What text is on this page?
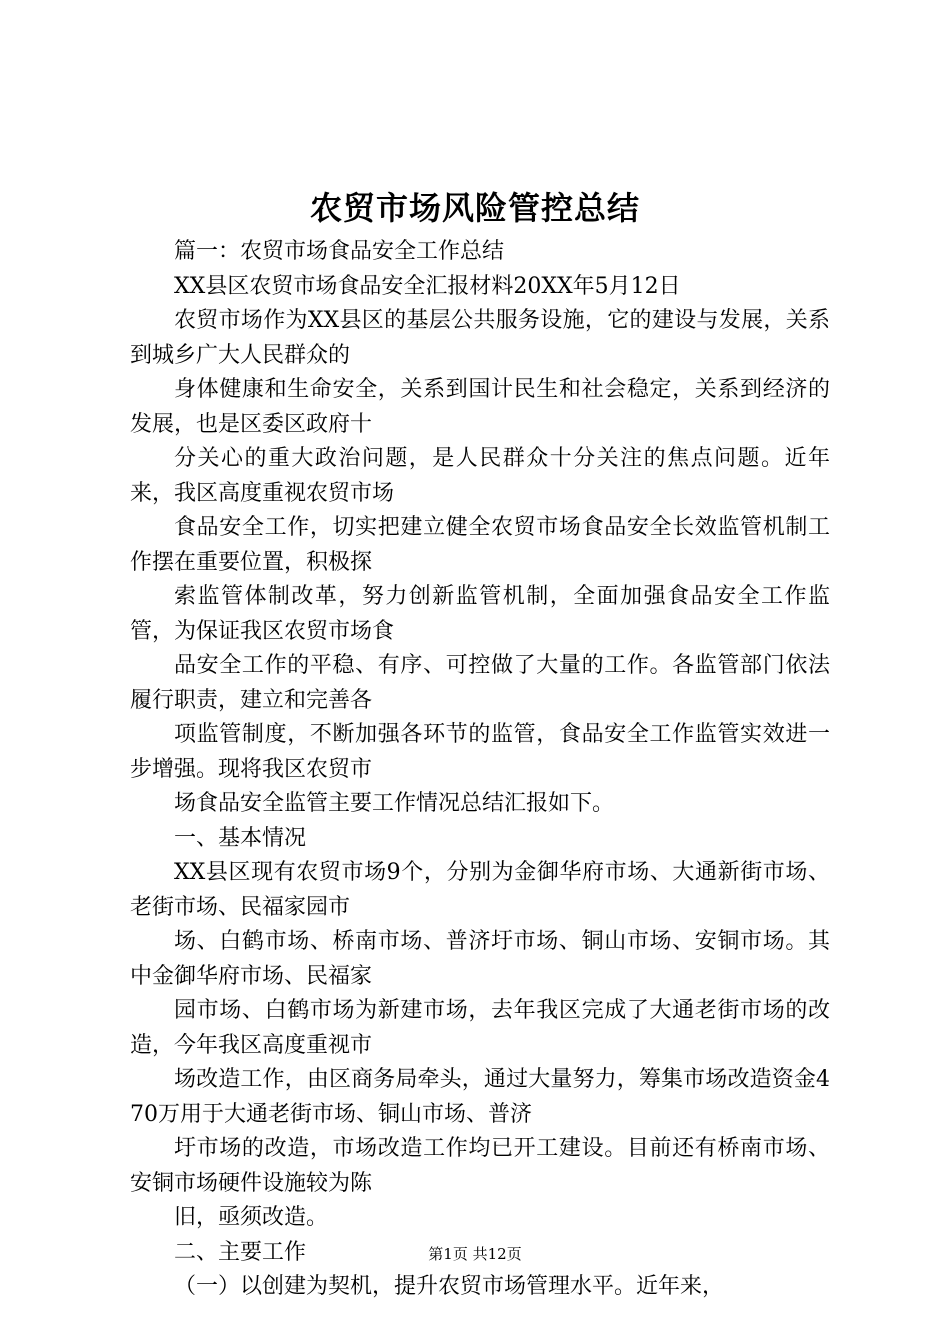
农贸市场风险管控总结

篇一：农贸市场食品安全工作总结

XX县区农贸市场食品安全汇报材料20XX年5月12日

农贸市场作为XX县区的基层公共服务设施，它的建设与发展，关系到城乡广大人民群众的

身体健康和生命安全，关系到国计民生和社会稳定，关系到经济的发展，也是区委区政府十

分关心的重大政治问题，是人民群众十分关注的焦点问题。近年来，我区高度重视农贸市场

食品安全工作，切实把建立健全农贸市场食品安全长效监管机制工作摆在重要位置，积极探

索监管体制改革，努力创新监管机制，全面加强食品安全工作监管，为保证我区农贸市场食

品安全工作的平稳、有序、可控做了大量的工作。各监管部门依法履行职责，建立和完善各

项监管制度，不断加强各环节的监管，食品安全工作监管实效进一步增强。现将我区农贸市

场食品安全监管主要工作情况总结汇报如下。

一、基本情况

XX县区现有农贸市场9个，分别为金御华府市场、大通新街市场、老街市场、民福家园市

场、白鹤市场、桥南市场、普济圩市场、铜山市场、安铜市场。其中金御华府市场、民福家

园市场、白鹤市场为新建市场，去年我区完成了大通老街市场的改造，今年我区高度重视市

场改造工作，由区商务局牵头，通过大量努力，筹集市场改造资金470万用于大通老街市场、铜山市场、普济

圩市场的改造，市场改造工作均已开工建设。目前还有桥南市场、安铜市场硬件设施较为陈

旧，亟须改造。

二、主要工作

（一）以创建为契机，提升农贸市场管理水平。近年来，

第1页 共12页
